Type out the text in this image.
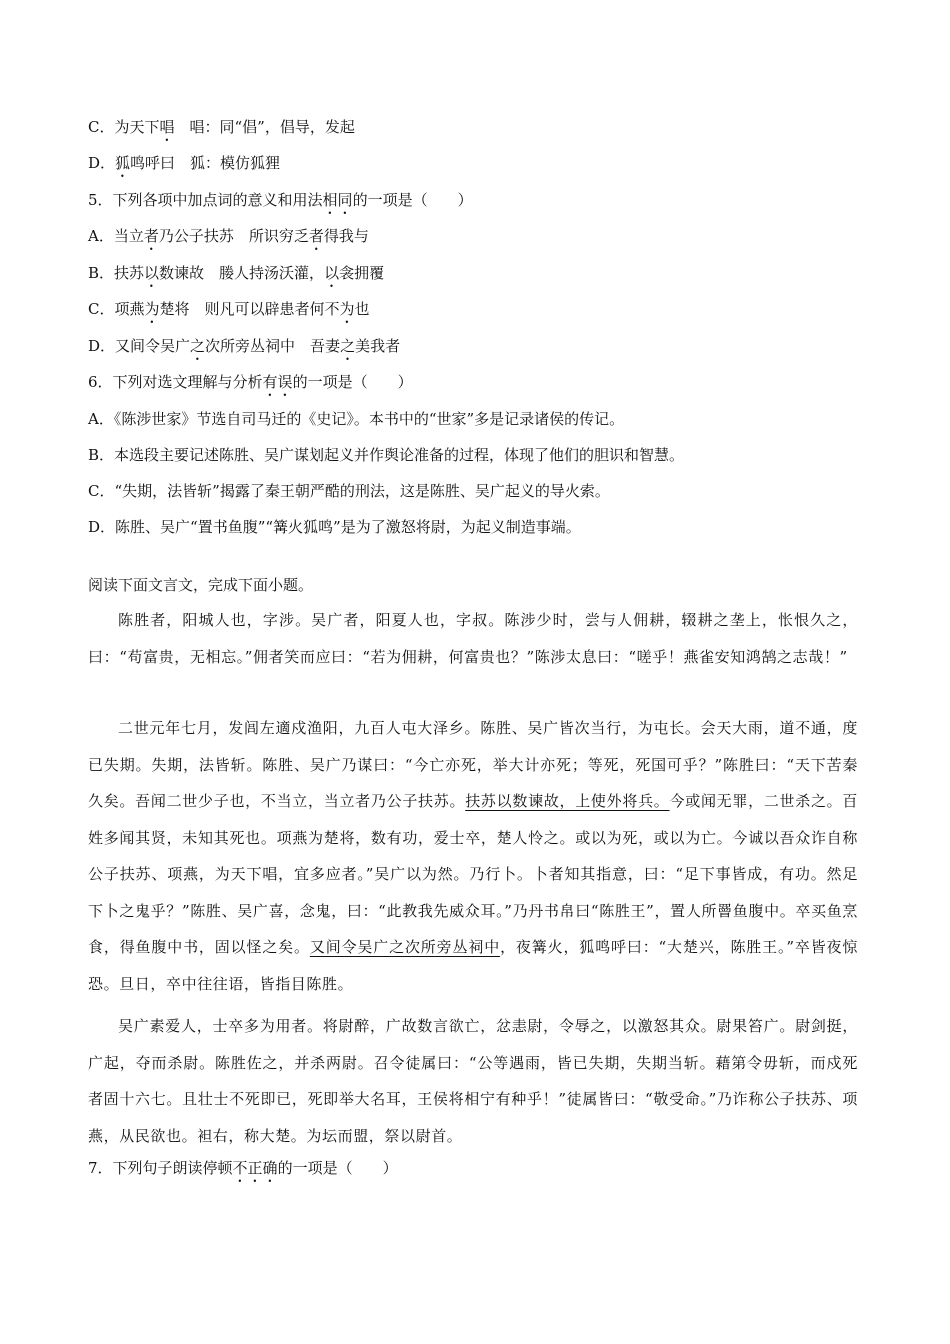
C．为天下唱　唱：同“倡”，倡导，发起
D．狐鸣呼曰　狐：模仿狐狸
5．下列各项中加点词的意义和用法相同的一项是（　　）
A．当立者乃公子扶苏　所识穷乏者得我与
B．扶苏以数谏故　媵人持汤沃灌，以衾拥覆
C．项燕为楚将　则凡可以辟患者何不为也
D．又间令吴广之次所旁丛祠中　吾妻之美我者
6．下列对选文理解与分析有误的一项是（　　）
A．《陈涉世家》节选自司马迁的《史记》。本书中的“世家”多是记录诸侯的传记。
B．本选段主要记述陈胜、吴广谋划起义并作舆论准备的过程，体现了他们的胆识和智慧。
C．“失期，法皆斩”揭露了秦王朝严酷的刑法，这是陈胜、吴广起义的导火索。
D．陈胜、吴广“置书鱼腹”“篝火狐鸣”是为了激怒将尉，为起义制造事端。
阅读下面文言文，完成下面小题。
陈胜者，阳城人也，字涉。吴广者，阳夏人也，字叔。陈涉少时，尝与人佣耕，辍耕之垄上，怅恨久之，曰：“苟富贵，无相忘。”佣者笑而应曰：“若为佣耕，何富贵也？”陈涉太息曰：“嗟乎！燕雀安知鸿鹄之志哉！”
二世元年七月，发闾左適戍渔阳，九百人屯大泽乡。陈胜、吴广皆次当行，为屯长。会天大雨，道不通，度已失期。失期，法皆斩。陈胜、吴广乃谋曰：“今亡亦死，举大计亦死；等死，死国可乎？”陈胜曰：“天下苦秦久矣。吾闻二世少子也，不当立，当立者乃公子扶苏。扶苏以数谏故，上使外将兵。今或闻无罪，二世杀之。百姓多闻其贤，未知其死也。项燕为楚将，数有功，爱士卒，楚人怜之。或以为死，或以为亡。今诚以吾众诈自称公子扶苏、项燕，为天下唱，宜多应者。”吴广以为然。乃行卜。卜者知其指意，曰：“足下事皆成，有功。然足下卜之鬼乎？”陈胜、吴广喜，念鬼，曰：“此教我先威众耳。”乃丹书帛曰“陈胜王”，置人所罾鱼腹中。卒买鱼烹食，得鱼腹中书，固以怪之矣。又间令吴广之次所旁丛祠中，夜篝火，狐鸣呼曰：“大楚兴，陈胜王。”卒皆夜惊恐。旦日，卒中往往语，皆指目陈胜。
吴广素爱人，士卒多为用者。将尉醉，广故数言欲亡，忿恚尉，令辱之，以激怒其众。尉果笞广。尉剑挺，广起，夺而杀尉。陈胜佐之，并杀两尉。召令徒属曰：“公等遇雨，皆已失期，失期当斩。藉第令毋斩，而戍死者固十六七。且壮士不死即已，死即举大名耳，王侯将相宁有种乎！”徒属皆曰：“敬受命。”乃诈称公子扶苏、项燕，从民欲也。袒右，称大楚。为坛而盟，祭以尉首。
7．下列句子朗读停顿不正确的一项是（　　）
